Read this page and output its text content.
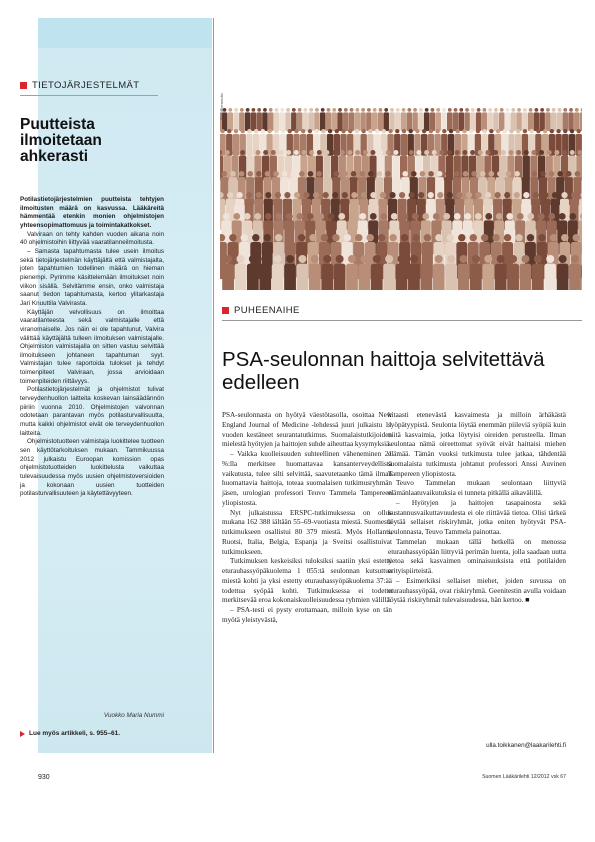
TIETOJÄRJESTELMÄT
Puutteista ilmoitetaan ahkerasti

Potilastietojärjestelmien puutteista tehtyjen ilmoitusten määrä on kasvussa. Lääkäreitä hämmentää etenkin monien ohjelmistojen yhteensopimattomuus ja toimintakatkokset.

Valviraan on tehty kahden vuoden aikana noin 40 ohjelmistoihin liittyvää vaaratilanneilmoitusta.

– Samasta tapahtumasta tulee usein ilmoitus sekä tietojärjestelmän käyttäjältä että valmistajalta, joten tapahtumien todellinen määrä on hieman pienempi. Pyrimme käsittelemään ilmoitukset noin viikon sisällä. Selvitämme ensin, onko valmistaja saanut tiedon tapahtumasta, kertoo ylitarkastaja Jari Knuuttila Valvirasta.

Käyttäjän velvollisuus on ilmoittaa vaaratilanteesta sekä valmistajalle että viranomaiselle. Jos näin ei ole tapahtunut, Valvira välittää käyttäjältä tulleen ilmoituksen valmistajalle. Ohjelmiston valmistajalla on sitten vastuu selvittää ilmoitukseen johtaneen tapahtuman syyt. Valmistajan tulee raportoida tulokset ja tehdyt toimenpiteet Valviraan, jossa arvioidaan toimenpiteiden riittävyys.

Potilastietojärjestelmät ja ohjelmistot tulivat terveydenhuollon laitteita koskevan lainsäädännön piiriin vuonna 2010. Ohjelmistojen valvonnan odotetaan parantavan myös potilasturvallisuutta, mutta kaikki ohjelmistot eivät ole terveydenhuollon laitteita.

Ohjelmistotuotteen valmistaja luokittelee tuotteen sen käyttötarkoituksen mukaan. Tammikuussa 2012 julkaistu Euroopan komission opas ohjelmistotuotteiden luokittelusta vaikuttaa tulevaisuudessa myös uusien ohjelmistoversioiden ja kokonaan uusien tuotteiden potilasturvallisuuteen ja käytettävyyteen.

Vuokko Maria Nummi
Lue myös artikkeli, s. 955–61.
Plainthermedia
PUHEENAIHE
PSA-seulonnan haittoja selvitettävä edelleen

PSA-seulonnasta on hyötyä väestötasolla, osoittaa New England Journal of Medicine -lehdessä juuri julkaistu 11 vuoden kestäneet seurantatutkimus. Suomalaistutkijoiden mielestä hyötyjen ja haittojen suhde aiheuttaa kysymyksiä.

– Vaikka kuolleisuuden suhteellinen väheneminen 21 %:lla merkitsee huomattavaa kansanterveydellistä vaikutusta, tulee silti selvittää, saavutetaanko tämä ilman huomattavia haittoja, toteaa suomalaisen tutkimusryhmän jäsen, urologian professori Teuvo Tammela Tampereen yliopistosta.

Nyt julkaistussa ERSPC-tutkimuksessa on ollus mukana 162 388 iältään 55–69-vuotiasta miestä. Suomesta tutkimukseen osallistui 80 379 miestä. Myös Hollanti, Ruotsi, Italia, Belgia, Espanja ja Sveitsi osallistuivat tutkimukseen.

Tutkimuksen keskeisiksi tuloksiksi saatiin yksi estetty eturauhassyöpäkuolema 1 055:tä seulonnan kutsuttua miestä kohti ja yksi estetty eturauhassyöpäkuolema 37:ää todettua syöpää kohti. Tutkimuksessa ei todettu merkitsevää eroa kokonaiskuolleisuudessa ryhmien välillä.

– PSA-testi ei pysty erottamaan, milloin kyse on tän myötä yleistyvästä,

hitaasti etenevästä kasvaimesta ja milloin ärhäkästä syöpätyypistä. Seulonta löytää enemmän piileviä syöpiä kuin niitä kasvaimia, jotka löytyisi oireiden perusteella. Ilman seulontaa nämä oireettomat syövät eivät haittaisi miehen elämää. Tämän vuoksi tutkimusta tulee jatkaa, tähdentää suomalaista tutkimusta johtanut professori Anssi Auvinen Tampereen yliopistosta.

Teuvo Tammelan mukaan seulontaan liittyviä elämänlaatuvaikutuksia ei tunneta pitkällä aikavälillä.

– Hyötyjen ja haittojen tasapainosta sekä kustannusvaikuttavuudesta ei ole riittävää tietoa. Olisi tärkeä löytää sellaiset riskiryhmät, jotka eniten hyötyvät PSA-seulonnasta, Teuvo Tammela painottaa.

Tammelan mukaan tällä hetkellä on menossa eturauhassyöpään liittyviä perimän luenta, jolla saadaan uutta tietoa sekä kasvaimen ominaisuuksista että potilaiden erityispiirteistä.

– Esimerkiksi sellaiset miehet, joiden suvussa on eturauhassyöpää, ovat riskiryhmä. Geenitestin avulla voidaan löytää riskiryhmät tulevaisuudessa, hän kertoo. ■

ulla.toikkanen@laakarilehti.fi
930	Suomen Lääkärilehti 12/2012 vsk 67
